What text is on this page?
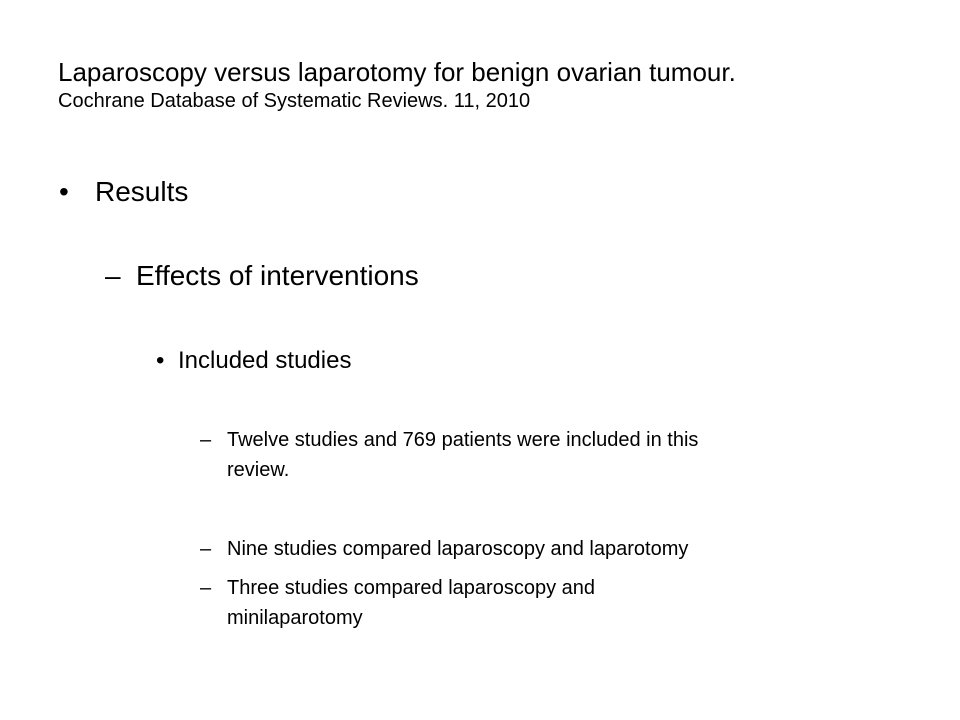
Laparoscopy versus laparotomy for benign ovarian tumour.
Cochrane Database of Systematic Reviews. 11, 2010
• Results
– Effects of interventions
• Included studies
– Twelve studies and 769 patients were included in this
review.
– Nine studies compared laparoscopy and laparotomy
– Three studies compared laparoscopy and
minilaparotomy
